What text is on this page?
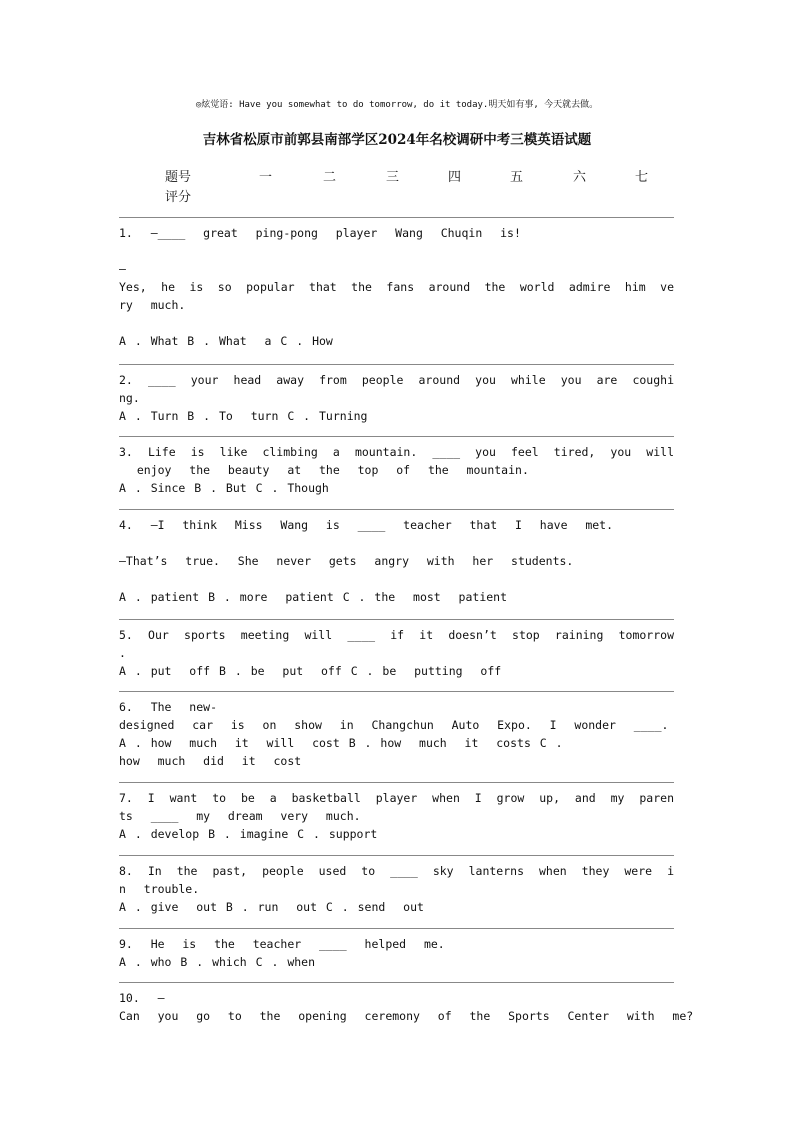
◎炫觉语: Have you somewhat to do tomorrow, do it today.明天如有事, 今天就去做。
吉林省松原市前郭县南部学区2024年名校调研中考三模英语试题
题号	一	二	三	四	五	六	七
评分
1.  —____  great  ping-pong  player  Wang  Chuqin  is!

—
Yes, he is so popular that the fans around the world admire him ve
ry  much.

A . What B . What  a C . How
2. ____ your head away from people around you while you are coughi
ng.
A . Turn B . To  turn C . Turning
3. Life is like climbing a mountain. ____ you feel tired, you will
enjoy  the  beauty  at  the  top  of  the  mountain.
A . Since B . But C . Though
4.  —I  think  Miss  Wang  is  ____  teacher  that  I  have  met.

—That’s  true.  She  never  gets  angry  with  her  students.

A . patient B . more  patient C . the  most  patient
5. Our sports meeting will ____ if it doesn’t stop raining tomorrow
.
A . put  off B . be  put  off C . be  putting  off
6.  The  new-
designed  car  is  on  show  in  Changchun  Auto  Expo.  I  wonder  ____.
A . how  much  it  will  cost B . how  much  it  costs C .
how  much  did  it  cost
7. I want to be a basketball player when I grow up, and my paren
ts  ____  my  dream  very  much.
A . develop B . imagine C . support
8. In the past, people used to ____ sky lanterns when they were i
n  trouble.
A . give  out B . run  out C . send  out
9.  He  is  the  teacher  ____  helped  me.
A . who B . which C . when
10.  —
Can  you  go  to  the  opening  ceremony  of  the  Sports  Center  with  me?
